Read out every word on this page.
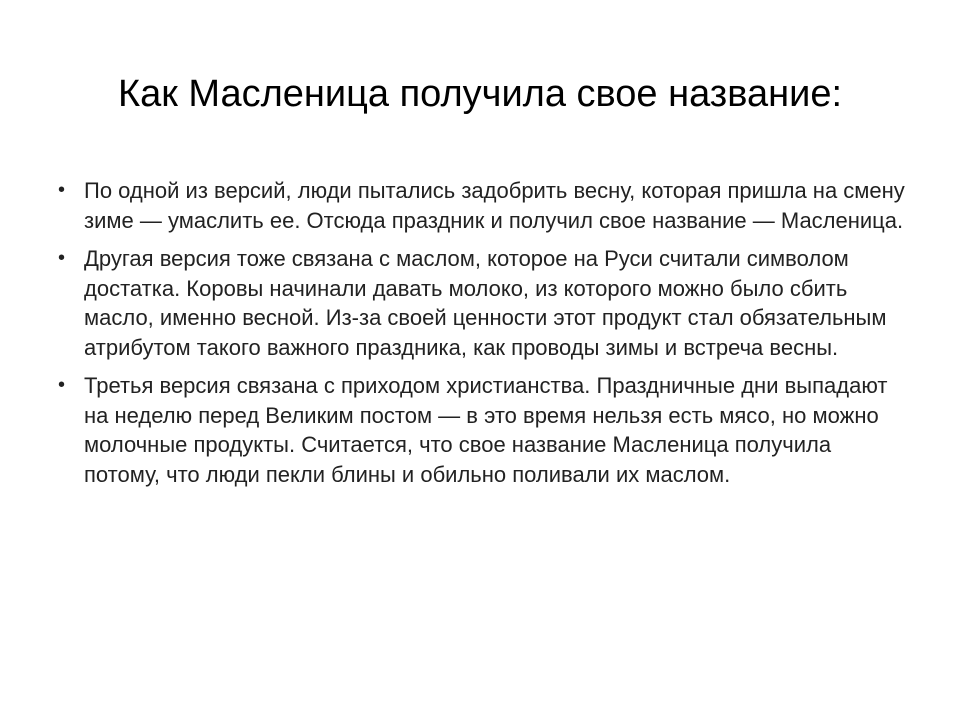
Как Масленица получила свое название:
• По одной из версий, люди пытались задобрить весну, которая пришла на смену зиме — умаслить ее. Отсюда праздник и получил свое название — Масленица.
• Другая версия тоже связана с маслом, которое на Руси считали символом достатка. Коровы начинали давать молоко, из которого можно было сбить масло, именно весной. Из-за своей ценности этот продукт стал обязательным атрибутом такого важного праздника, как проводы зимы и встреча весны.
• Третья версия связана с приходом христианства. Праздничные дни выпадают на неделю перед Великим постом — в это время нельзя есть мясо, но можно молочные продукты. Считается, что свое название Масленица получила потому, что люди пекли блины и обильно поливали их маслом.
